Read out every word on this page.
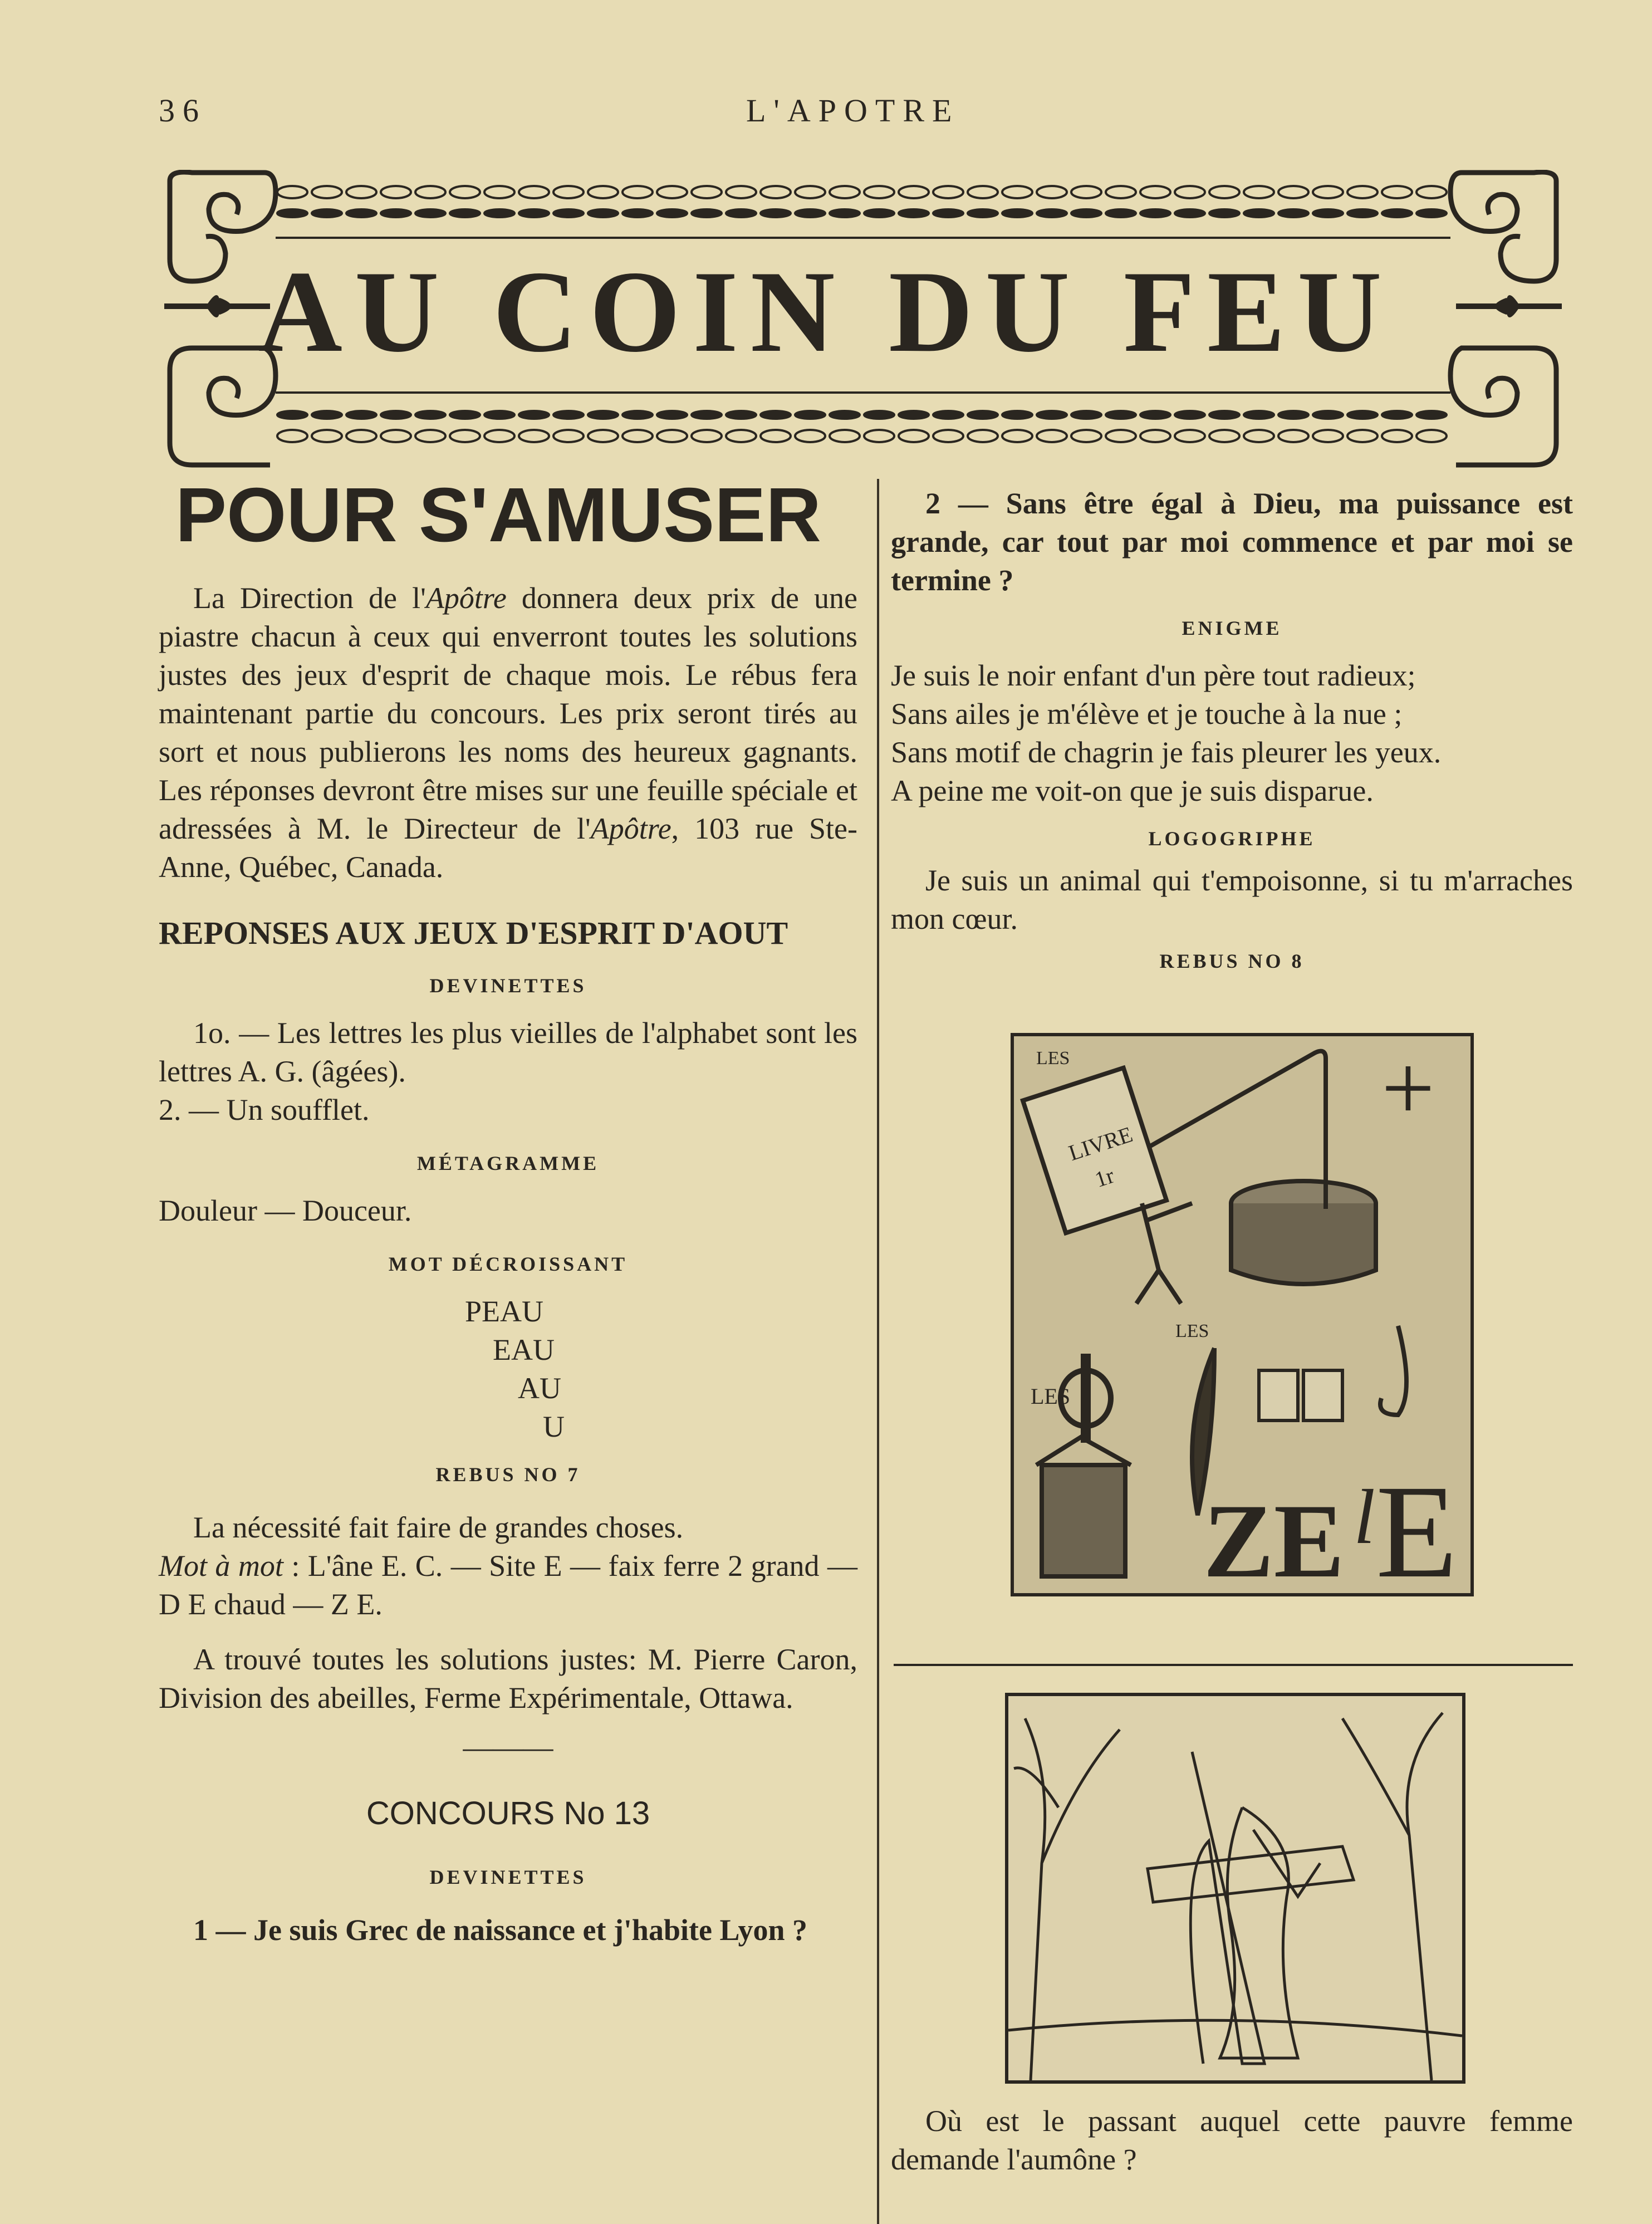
36	L'APOTRE
AU COIN DU FEU
POUR S'AMUSER

La Direction de l'Apôtre donnera deux prix de une piastre chacun à ceux qui enverront toutes les solutions justes des jeux d'esprit de chaque mois. Le rébus fera maintenant partie du concours. Les prix seront tirés au sort et nous publierons les noms des heureux gagnants. Les réponses devront être mises sur une feuille spéciale et adressées à M. le Directeur de l'Apôtre, 103 rue Ste-Anne, Québec, Canada.

REPONSES AUX JEUX D'ESPRIT D'AOUT

DEVINETTES

1o. — Les lettres les plus vieilles de l'alphabet sont les lettres A. G. (âgées).

2. — Un soufflet.

MÉTAGRAMME

Douleur — Douceur.

MOT DÉCROISSANT

PEAU
EAU
AU
U

REBUS NO 7

La nécessité fait faire de grandes choses.

Mot à mot : L'âne E. C. — Site E — faix ferre 2 grand — D E chaud — Z E.

A trouvé toutes les solutions justes: M. Pierre Caron, Division des abeilles, Ferme Expérimentale, Ottawa.

———

CONCOURS No 13

DEVINETTES

1 — Je suis Grec de naissance et j'habite Lyon ?

2 — Sans être égal à Dieu, ma puissance est grande, car tout par moi commence et par moi se termine ?

ENIGME

Je suis le noir enfant d'un père tout radieux;
Sans ailes je m'élève et je touche à la nue ;
Sans motif de chagrin je fais pleurer les yeux.
A peine me voit-on que je suis disparue.

LOGOGRIPHE

Je suis un animal qui t'empoisonne, si tu m'arraches mon cœur.

REBUS NO 8

LES
LIVRE
1r
+
LES
LES
ZE l E
Où est le passant auquel cette pauvre femme demande l'aumône ?
